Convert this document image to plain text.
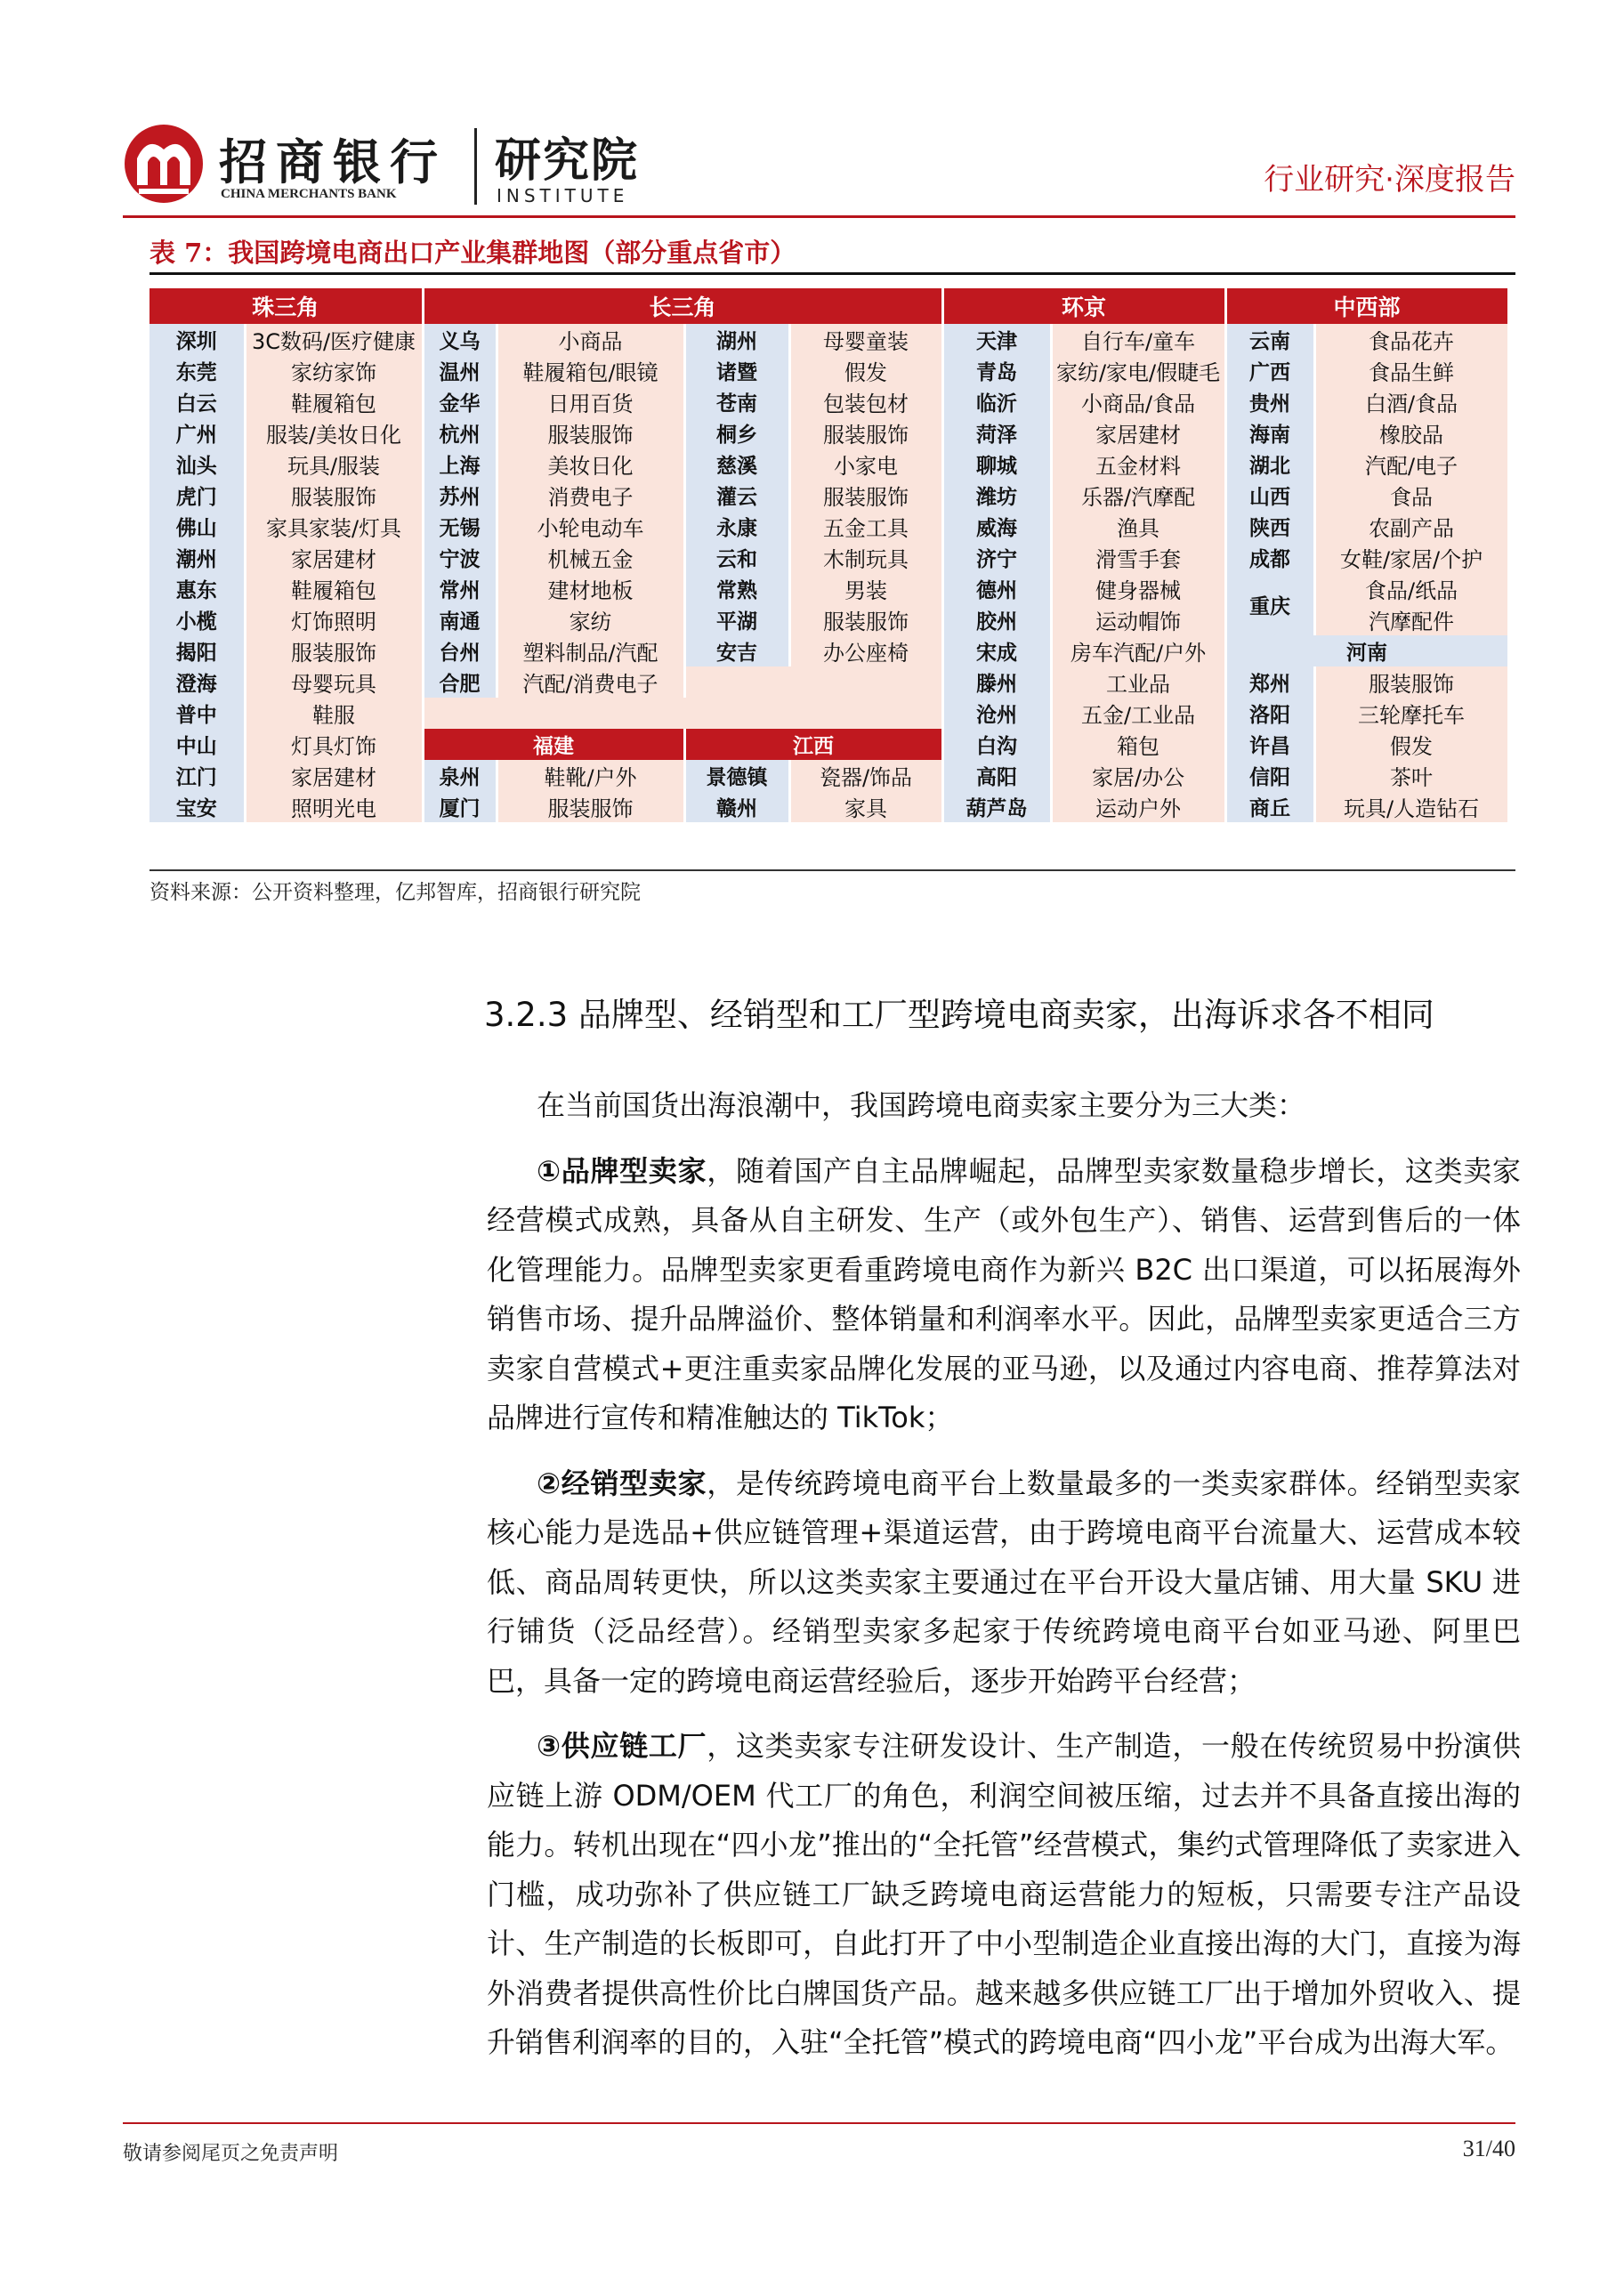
招商银行
CHINA MERCHANTS BANK
研究院
INSTITUTE	行业研究·深度报告
表 7：我国跨境电商出口产业集群地图（部分重点省市）
珠三角		长三角				环京		中西部	
深圳	3C数码/医疗健康	义乌	小商品	湖州	母婴童装	天津	自行车/童车	云南	食品花卉
东莞	家纺家饰	温州	鞋履箱包/眼镜	诸暨	假发	青岛	家纺/家电/假睫毛	广西	食品生鲜
白云	鞋履箱包	金华	日用百货	苍南	包装包材	临沂	小商品/食品	贵州	白酒/食品
广州	服装/美妆日化	杭州	服装服饰	桐乡	服装服饰	菏泽	家居建材	海南	橡胶品
汕头	玩具/服装	上海	美妆日化	慈溪	小家电	聊城	五金材料	湖北	汽配/电子
虎门	服装服饰	苏州	消费电子	灌云	服装服饰	潍坊	乐器/汽摩配	山西	食品
佛山	家具家装/灯具	无锡	小轮电动车	永康	五金工具	威海	渔具	陕西	农副产品
潮州	家居建材	宁波	机械五金	云和	木制玩具	济宁	滑雪手套	成都	女鞋/家居/个护
惠东	鞋履箱包	常州	建材地板	常熟	男装	德州	健身器械	重庆	食品/纸品
小榄	灯饰照明	南通	家纺	平湖	服装服饰	胶州	运动帽饰		汽摩配件
揭阳	服装服饰	台州	塑料制品/汽配	安吉	办公座椅	宋成	房车汽配/户外	河南	
澄海	母婴玩具	合肥	汽配/消费电子			滕州	工业品	郑州	服装服饰
普中	鞋服					沧州	五金/工业品	洛阳	三轮摩托车
中山	灯具灯饰	福建		江西		白沟	箱包	许昌	假发
江门	家居建材	泉州	鞋靴/户外	景德镇	瓷器/饰品	高阳	家居/办公	信阳	茶叶
宝安	照明光电	厦门	服装服饰	赣州	家具	葫芦岛	运动户外	商丘	玩具/人造钻石
资料来源：公开资料整理，亿邦智库，招商银行研究院
3.2.3 品牌型、经销型和工厂型跨境电商卖家，出海诉求各不相同

在当前国货出海浪潮中，我国跨境电商卖家主要分为三大类：

①品牌型卖家，随着国产自主品牌崛起，品牌型卖家数量稳步增长，这类卖家经营模式成熟，具备从自主研发、生产（或外包生产）、销售、运营到售后的一体化管理能力。品牌型卖家更看重跨境电商作为新兴 B2C 出口渠道，可以拓展海外销售市场、提升品牌溢价、整体销量和利润率水平。因此，品牌型卖家更适合三方卖家自营模式+更注重卖家品牌化发展的亚马逊，以及通过内容电商、推荐算法对品牌进行宣传和精准触达的 TikTok；

②经销型卖家，是传统跨境电商平台上数量最多的一类卖家群体。经销型卖家核心能力是选品+供应链管理+渠道运营，由于跨境电商平台流量大、运营成本较低、商品周转更快，所以这类卖家主要通过在平台开设大量店铺、用大量 SKU 进行铺货（泛品经营）。经销型卖家多起家于传统跨境电商平台如亚马逊、阿里巴巴，具备一定的跨境电商运营经验后，逐步开始跨平台经营；

③供应链工厂，这类卖家专注研发设计、生产制造，一般在传统贸易中扮演供应链上游 ODM/OEM 代工厂的角色，利润空间被压缩，过去并不具备直接出海的能力。转机出现在“四小龙”推出的“全托管”经营模式，集约式管理降低了卖家进入门槛，成功弥补了供应链工厂缺乏跨境电商运营能力的短板，只需要专注产品设计、生产制造的长板即可，自此打开了中小型制造企业直接出海的大门，直接为海外消费者提供高性价比白牌国货产品。越来越多供应链工厂出于增加外贸收入、提升销售利润率的目的，入驻“全托管”模式的跨境电商“四小龙”平台成为出海大军。

敬请参阅尾页之免责声明	31/40
